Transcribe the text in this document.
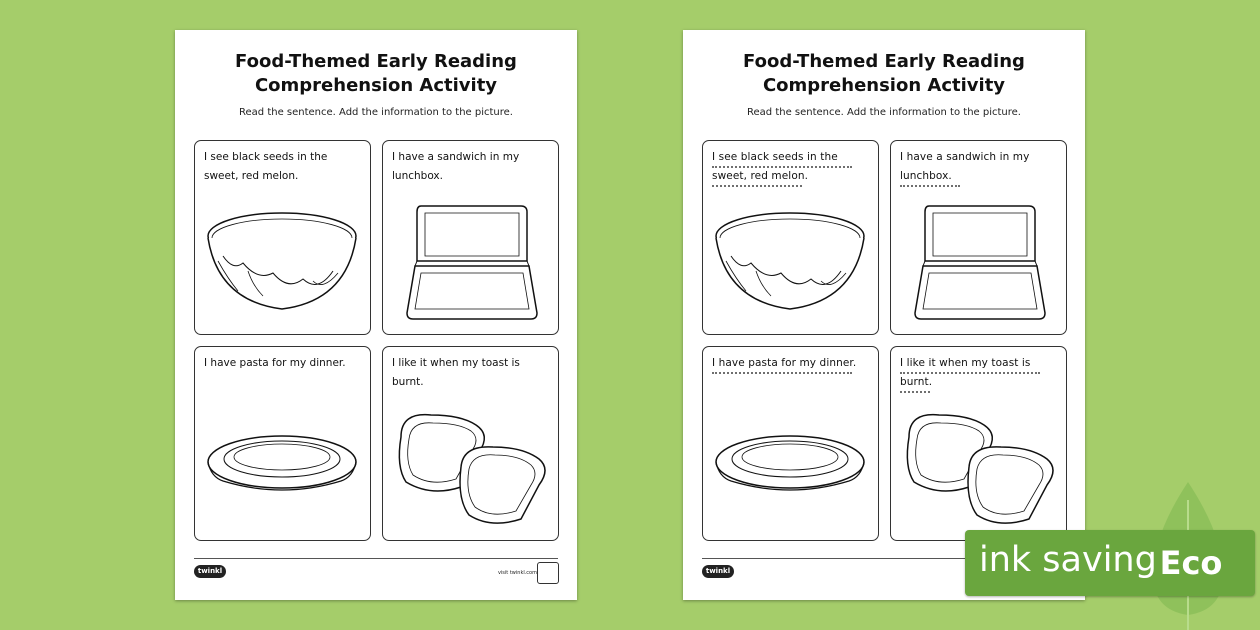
Food-Themed Early Reading
Comprehension Activity
Read the sentence. Add the information to the picture.
I see black seeds in the sweet, red melon.
I have a sandwich in my lunchbox.
I have pasta for my dinner.	I like it when my toast is burnt.
twinkl	visit twinkl.com
Food-Themed Early Reading
Comprehension Activity
Read the sentence. Add the information to the picture.
I see black seeds in the sweet, red melon.
I have a sandwich in my lunchbox.
I have pasta for my dinner.	I like it when my toast is burnt.
twinkl	ink saving Eco
